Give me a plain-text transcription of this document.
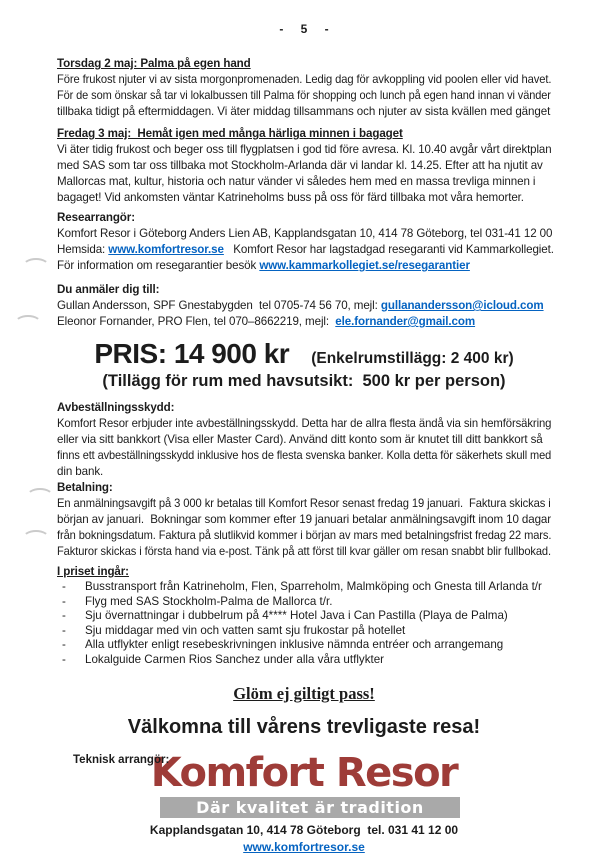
- 5 -
Torsdag 2 maj: Palma på egen hand
Före frukost njuter vi av sista morgonpromenaden. Ledig dag för avkoppling vid poolen eller vid havet.
För de som önskar så tar vi lokalbussen till Palma för shopping och lunch på egen hand innan vi vänder
tillbaka tidigt på eftermiddagen. Vi äter middag tillsammans och njuter av sista kvällen med gänget
Fredag 3 maj:  Hemåt igen med många härliga minnen i bagaget
Vi äter tidig frukost och beger oss till flygplatsen i god tid före avresa. Kl. 10.40 avgår vårt direktplan
med SAS som tar oss tillbaka mot Stockholm-Arlanda där vi landar kl. 14.25. Efter att ha njutit av
Mallorcas mat, kultur, historia och natur vänder vi således hem med en massa trevliga minnen i
bagaget! Vid ankomsten väntar Katrineholms buss på oss för färd tillbaka mot våra hemorter.
Researrangör:
Komfort Resor i Göteborg Anders Lien AB, Kapplandsgatan 10, 414 78 Göteborg, tel 031-41 12 00
Hemsida: www.komfortresor.se   Komfort Resor har lagstadgad resegaranti vid Kammarkollegiet.
För information om resegarantier besök www.kammarkollegiet.se/resegarantier
Du anmäler dig till:
Gullan Andersson, SPF Gnestabygden  tel 0705-74 56 70, mejl: gullanandersson@icloud.com
Eleonor Fornander, PRO Flen, tel 070–8662219, mejl:  ele.fornander@gmail.com
PRIS: 14 900 kr (Enkelrumstillägg: 2 400 kr)
(Tillägg för rum med havsutsikt:  500 kr per person)
Avbeställningsskydd:
Komfort Resor erbjuder inte avbeställningsskydd. Detta har de allra flesta ändå via sin hemförsäkring
eller via sitt bankkort (Visa eller Master Card). Använd ditt konto som är knutet till ditt bankkort så
finns ett avbeställningsskydd inklusive hos de flesta svenska banker. Kolla detta för säkerhets skull med
din bank.
Betalning:
En anmälningsavgift på 3 000 kr betalas till Komfort Resor senast fredag 19 januari.  Faktura skickas i
början av januari.  Bokningar som kommer efter 19 januari betalar anmälningsavgift inom 10 dagar
från bokningsdatum. Faktura på slutlikvid kommer i början av mars med betalningsfrist fredag 22 mars.
Fakturor skickas i första hand via e-post. Tänk på att först till kvar gäller om resan snabbt blir fullbokad.
I priset ingår:
-	Busstransport från Katrineholm, Flen, Sparreholm, Malmköping och Gnesta till Arlanda t/r
-	Flyg med SAS Stockholm-Palma de Mallorca t/r.
-	Sju övernattningar i dubbelrum på 4**** Hotel Java i Can Pastilla (Playa de Palma)
-	Sju middagar med vin och vatten samt sju frukostar på hotellet
-	Alla utflykter enligt resebeskrivningen inklusive nämnda entréer och arrangemang
-	Lokalguide Carmen Rios Sanchez under alla våra utflykter
Glöm ej giltigt pass!
Välkomna till vårens trevligaste resa!
Teknisk arrangör:
Komfort Resor
Där kvalitet är tradition
Kapplandsgatan 10, 414 78 Göteborg  tel. 031 41 12 00
www.komfortresor.se
